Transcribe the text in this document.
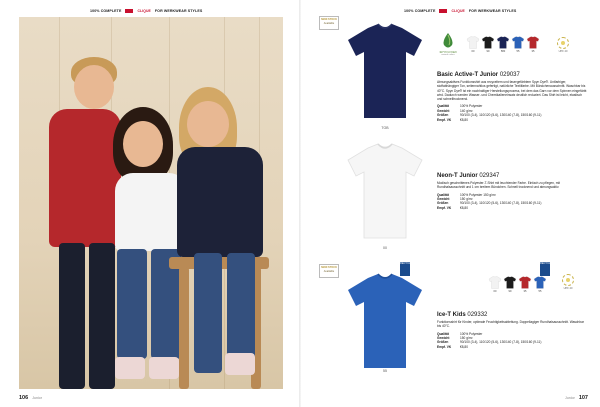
100% COMPLETE	CLIQUE FOR WERKWEAR STYLES	100% COMPLETE	CLIQUE FOR WERKWEAR STYLES
106 Junior	Junior 107
SEMI STOCK
Available
TOB
SPYN DYED
natural colour
00	99	580	55	35	UPF 40
Basic Active-T Junior 029037
Atmungsaktives Funktionsshirt aus recyceltem und fasergefärbtem Spyn Dye®. Unifarbiger, stoffabhängiger Ton, seitennahtlos gefertigt, natürliche Textilfarbe. Mit Bündchenausschnitt. Waschbar bis 40°C. Spyn Dye® ist ein nachhaltiger Herstellungsprozess, bei dem das Garn vor dem Spinnen eingefärbt wird. Dadurch werden Wasser- und Chemikalieneinsatz deutlich reduziert. Das Shirt ist leicht, elastisch und schnelltrocknend.
Qualität	100% Polyester
Gewicht	140 g/m²
Größen	90/100 (3-4), 110/120 (5-6), 130/140 (7-8), 150/160 (9-11)
Empf. VK	€8,80
00
Neon-T Junior 029347
Modisch geschnittenes Polyester-T-Shirt mit leuchtender Farbe. Einfach zu pflegen, mit Rundhalsausschnitt und 1 cm breitem Bündchen. Schnell trocknend und atmungsaktiv.
Qualität	100% Polyester 150 g/m²
Gewicht	150 g/m²
Größen	90/100 (3-4), 110/120 (5-6), 130/140 (7-8), 150/160 (9-11)
Empf. VK	€8,80
SEMI STOCK
Available
RECYCLED
55
RECYCLED
00	99	35	55
UPF 40
Ice-T Kids 029332
Funktionsshirt für Kinder, optimale Feuchtigkeitsableitung. Doppellagiger Rundhalsausschnitt. Waschbar bis 40°C.
Qualität	100% Polyester
Gewicht	150 g/m²
Größen	90/100 (3-4), 110/120 (5-6), 130/140 (7-8), 150/160 (9-11)
Empf. VK	€8,80
